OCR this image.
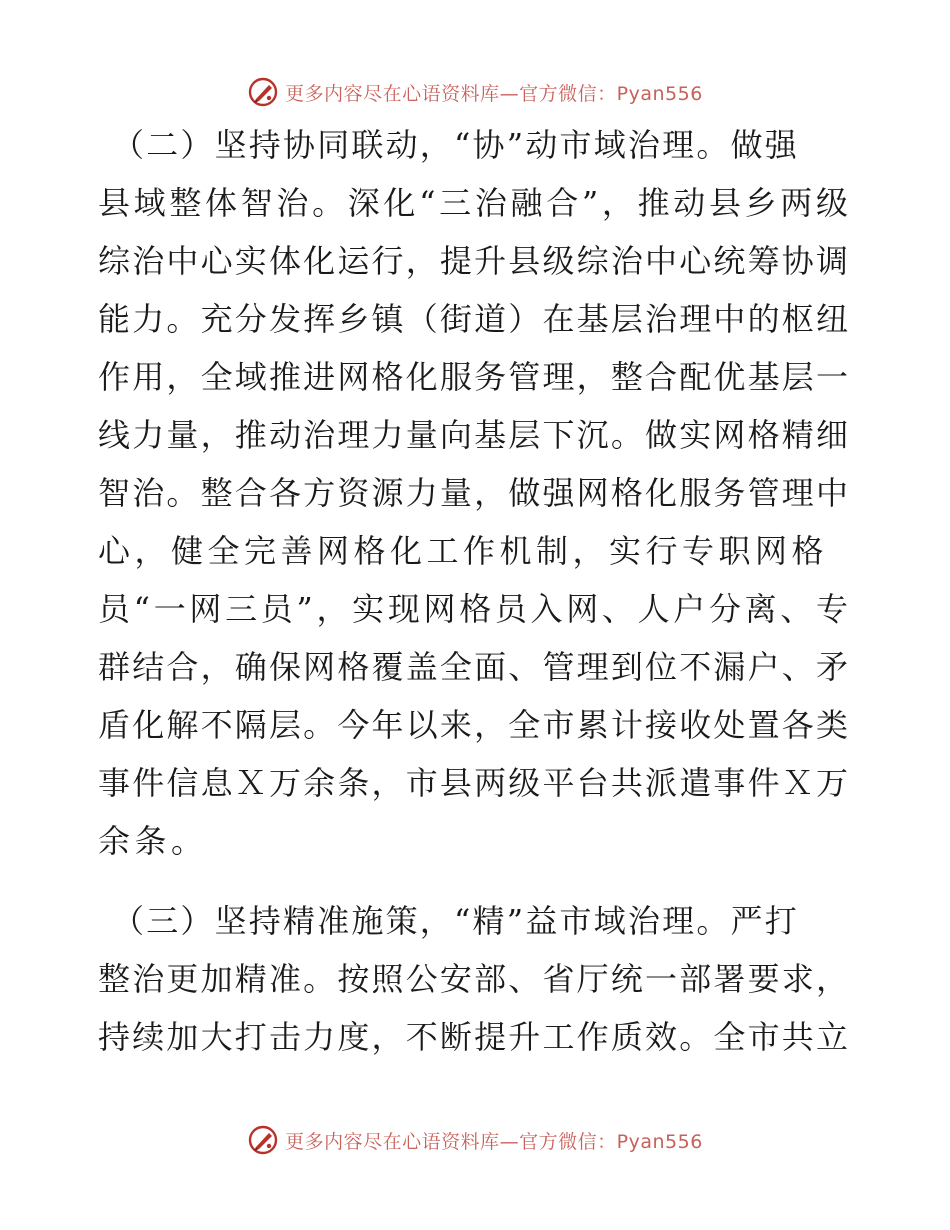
更多内容尽在心语资料库—官方微信：Pyan556
（二）坚持协同联动，“协”动市域治理。做强
县域整体智治。深化“三治融合”，推动县乡两级
综治中心实体化运行，提升县级综治中心统筹协调
能力。充分发挥乡镇（街道）在基层治理中的枢纽
作用，全域推进网格化服务管理，整合配优基层一
线力量，推动治理力量向基层下沉。做实网格精细
智治。整合各方资源力量，做强网格化服务管理中
心，健全完善网格化工作机制，实行专职网格
员“一网三员”，实现网格员入网、人户分离、专
群结合，确保网格覆盖全面、管理到位不漏户、矛
盾化解不隔层。今年以来，全市累计接收处置各类
事件信息Ｘ万余条，市县两级平台共派遣事件Ｘ万
余条。
（三）坚持精准施策，“精”益市域治理。严打
整治更加精准。按照公安部、省厅统一部署要求，
持续加大打击力度，不断提升工作质效。全市共立
更多内容尽在心语资料库—官方微信：Pyan556
